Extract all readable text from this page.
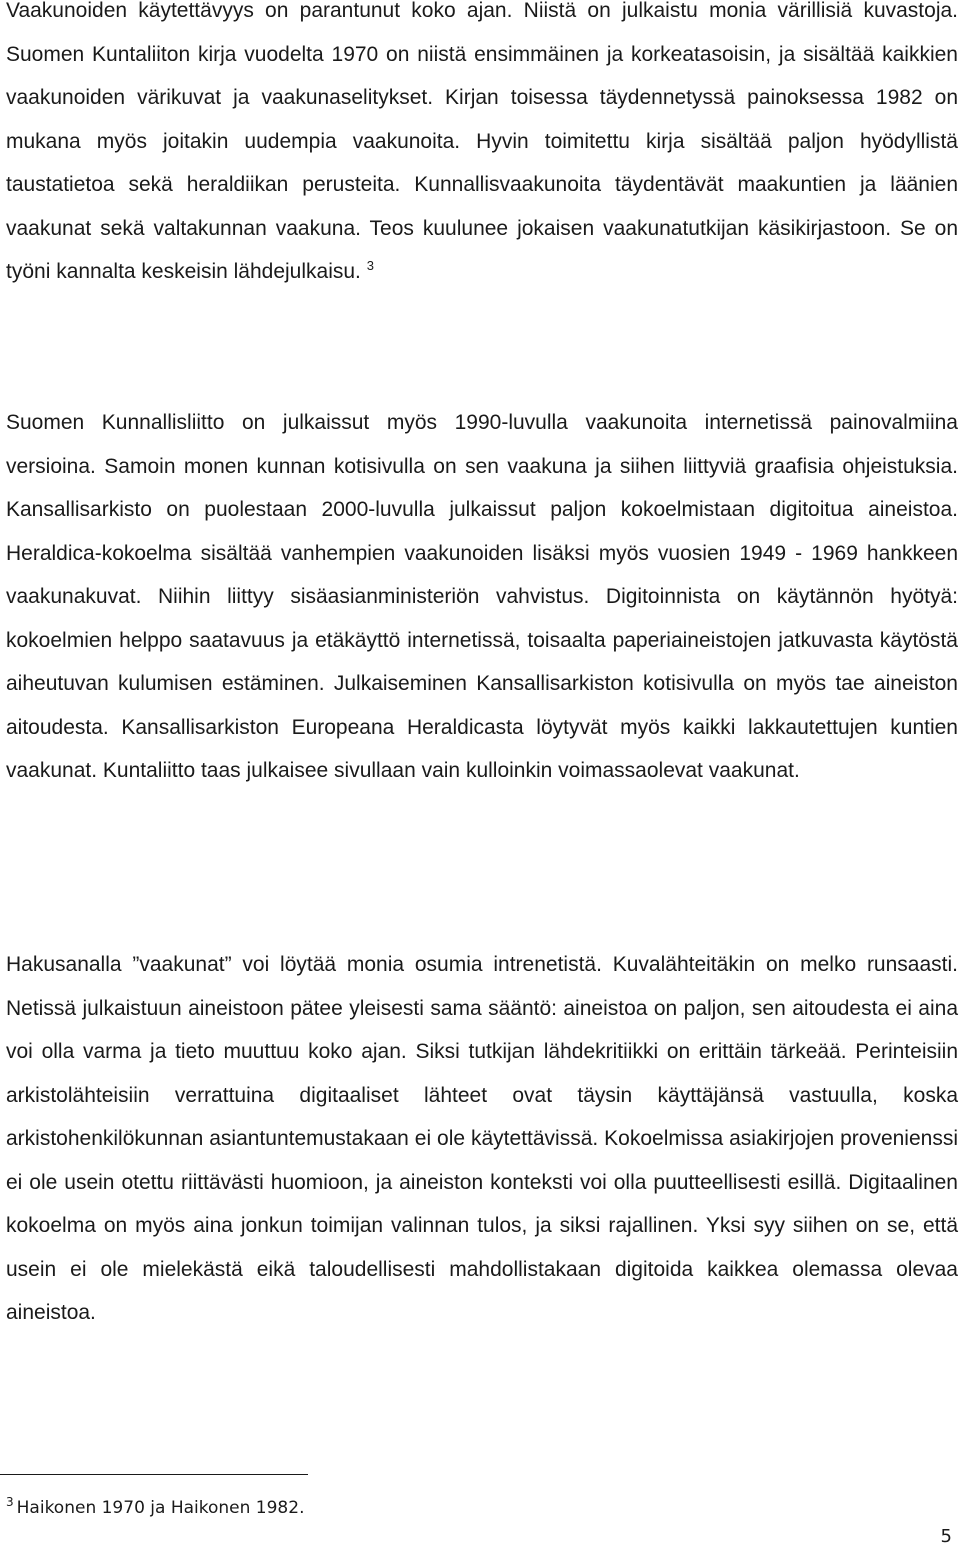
Vaakunoiden käytettävyys on parantunut koko ajan. Niistä on julkaistu monia värillisiä kuvastoja. Suomen Kuntaliiton kirja vuodelta 1970 on niistä ensimmäinen ja korkeatasoisin, ja sisältää kaikkien vaakunoiden värikuvat ja vaakunaselitykset. Kirjan toisessa täydennetyssä painoksessa 1982 on mukana myös joitakin uudempia vaakunoita. Hyvin toimitettu kirja sisältää paljon hyödyllistä taustatietoa sekä heraldiikan perusteita. Kunnallisvaakunoita täydentävät maakuntien ja läänien vaakunat sekä valtakunnan vaakuna. Teos kuulunee jokaisen vaakunatutkijan käsikirjastoon. Se on työni kannalta keskeisin lähdejulkaisu. $^3$

Suomen Kunnallisliitto on julkaissut myös 1990-luvulla vaakunoita internetissä painovalmiina versioina. Samoin monen kunnan kotisivulla on sen vaakuna ja siihen liittyviä graafisia ohjeistuksia. Kansallisarkisto on puolestaan 2000-luvulla julkaissut paljon kokoelmistaan digitoitua aineistoa. Heraldica-kokoelma sisältää vanhempien vaakunoiden lisäksi myös vuosien 1949 - 1969 hankkeen vaakunakuvat. Niihin liittyy sisäasianministeriön vahvistus. Digitoinnista on käytännön hyötyä: kokoelmien helppo saatavuus ja etäkäyttö internetissä, toisaalta paperiaineistojen jatkuvasta käytöstä aiheutuvan kulumisen estäminen. Julkaiseminen Kansallisarkiston kotisivulla on myös tae aineiston aitoudesta. Kansallisarkiston Europeana Heraldicasta löytyvät myös kaikki lakkautettujen kuntien vaakunat. Kuntaliitto taas julkaisee sivullaan vain kulloinkin voimassaolevat vaakunat.

Hakusanalla ”vaakunat” voi löytää monia osumia intrenetistä. Kuvalähteitäkin on melko runsaasti. Netissä julkaistuun aineistoon pätee yleisesti sama sääntö: aineistoa on paljon, sen aitoudesta ei aina voi olla varma ja tieto muuttuu koko ajan. Siksi tutkijan lähdekritiikki on erittäin tärkeää. Perinteisiin arkistolähteisiin verrattuina digitaaliset lähteet ovat täysin käyttäjänsä vastuulla, koska arkistohenkilökunnan asiantuntemustakaan ei ole käytettävissä. Kokoelmissa asiakirjojen provenienssi ei ole usein otettu riittävästi huomioon, ja aineiston konteksti voi olla puutteellisesti esillä. Digitaalinen kokoelma on myös aina jonkun toimijan valinnan tulos, ja siksi rajallinen. Yksi syy siihen on se, että usein ei ole mielekästä eikä taloudellisesti mahdollistakaan digitoida kaikkea olemassa olevaa aineistoa.

$^3$ Haikonen 1970 ja Haikonen 1982.

5
